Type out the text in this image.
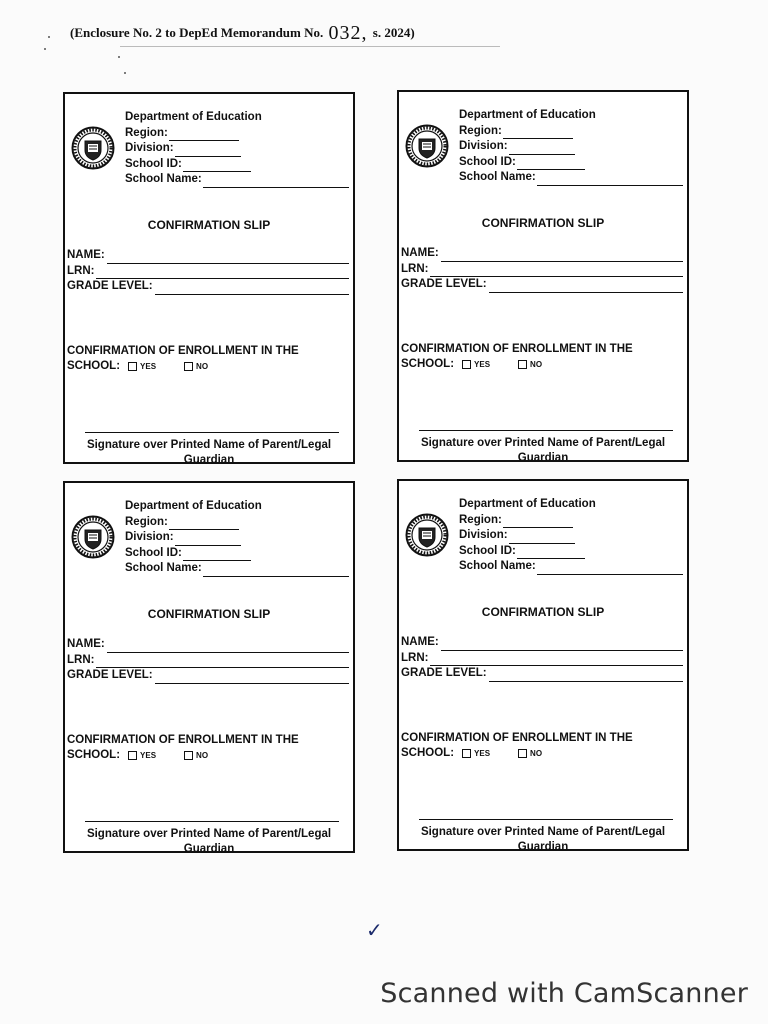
(Enclosure No. 2 to DepEd Memorandum No. 032, s. 2024)
Department of Education
Region:
Division:
School ID:
School Name:
CONFIRMATION SLIP
NAME:
LRN:
GRADE LEVEL:
CONFIRMATION OF ENROLLMENT IN THE
SCHOOL:	YES	NO
Signature over Printed Name of Parent/Legal Guardian
Department of Education
Region:
Division:
School ID:
School Name:
CONFIRMATION SLIP
NAME:
LRN:
GRADE LEVEL:
CONFIRMATION OF ENROLLMENT IN THE
SCHOOL:	YES	NO
Signature over Printed Name of Parent/Legal Guardian
Department of Education
Region:
Division:
School ID:
School Name:
CONFIRMATION SLIP
NAME:
LRN:
GRADE LEVEL:
CONFIRMATION OF ENROLLMENT IN THE
SCHOOL:	YES	NO
Signature over Printed Name of Parent/Legal Guardian
Department of Education
Region:
Division:
School ID:
School Name:
CONFIRMATION SLIP
NAME:
LRN:
GRADE LEVEL:
CONFIRMATION OF ENROLLMENT IN THE
SCHOOL:	YES	NO
Signature over Printed Name of Parent/Legal Guardian
✓
Scanned with CamScanner
